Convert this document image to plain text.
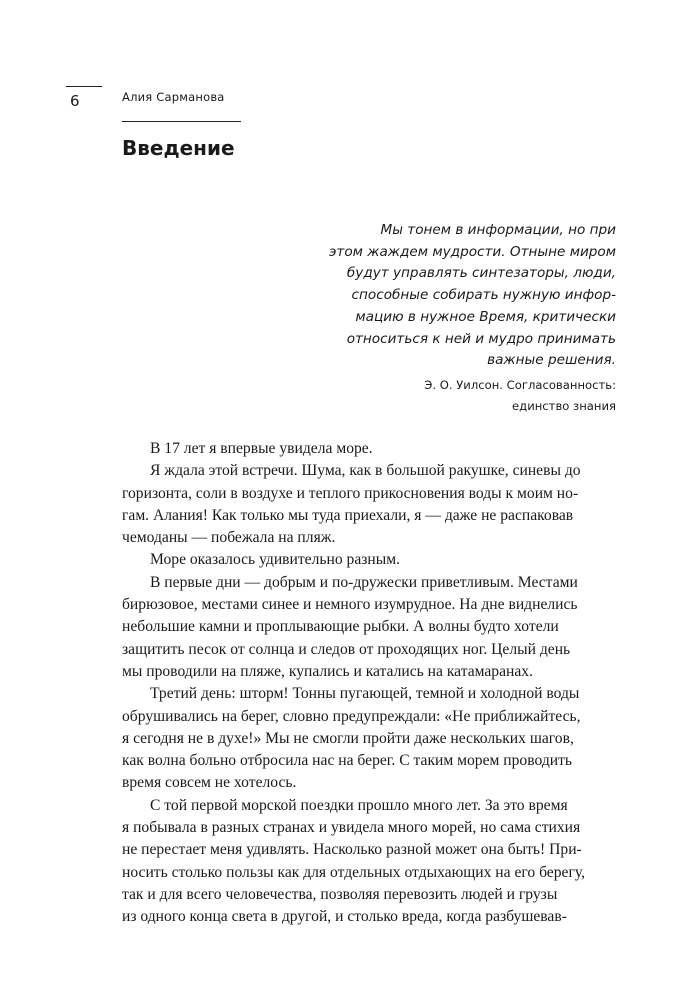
6	Алия Сарманова
Введение
Мы тонем в информации, но при
этом жаждем мудрости. Отныне миром
будут управлять синтезаторы, люди,
способные собирать нужную инфор-
мацию в нужное Время, критически
относиться к ней и мудро принимать
важные решения.
Э. О. Уилсон. Согласованность:
единство знания
В 17 лет я впервые увидела море.
Я ждала этой встречи. Шума, как в большой ракушке, синевы до
горизонта, соли в воздухе и теплого прикосновения воды к моим но-
гам. Алания! Как только мы туда приехали, я — даже не распаковав
чемоданы — побежала на пляж.
Море оказалось удивительно разным.
В первые дни — добрым и по-дружески приветливым. Местами
бирюзовое, местами синее и немного изумрудное. На дне виднелись
небольшие камни и проплывающие рыбки. А волны будто хотели
защитить песок от солнца и следов от проходящих ног. Целый день
мы проводили на пляже, купались и катались на катамаранах.
Третий день: шторм! Тонны пугающей, темной и холодной воды
обрушивались на берег, словно предупреждали: «Не приближайтесь,
я сегодня не в духе!» Мы не смогли пройти даже нескольких шагов,
как волна больно отбросила нас на берег. С таким морем проводить
время совсем не хотелось.
С той первой морской поездки прошло много лет. За это время
я побывала в разных странах и увидела много морей, но сама стихия
не перестает меня удивлять. Насколько разной может она быть! При-
носить столько пользы как для отдельных отдыхающих на его берегу,
так и для всего человечества, позволяя перевозить людей и грузы
из одного конца света в другой, и столько вреда, когда разбушевав-
